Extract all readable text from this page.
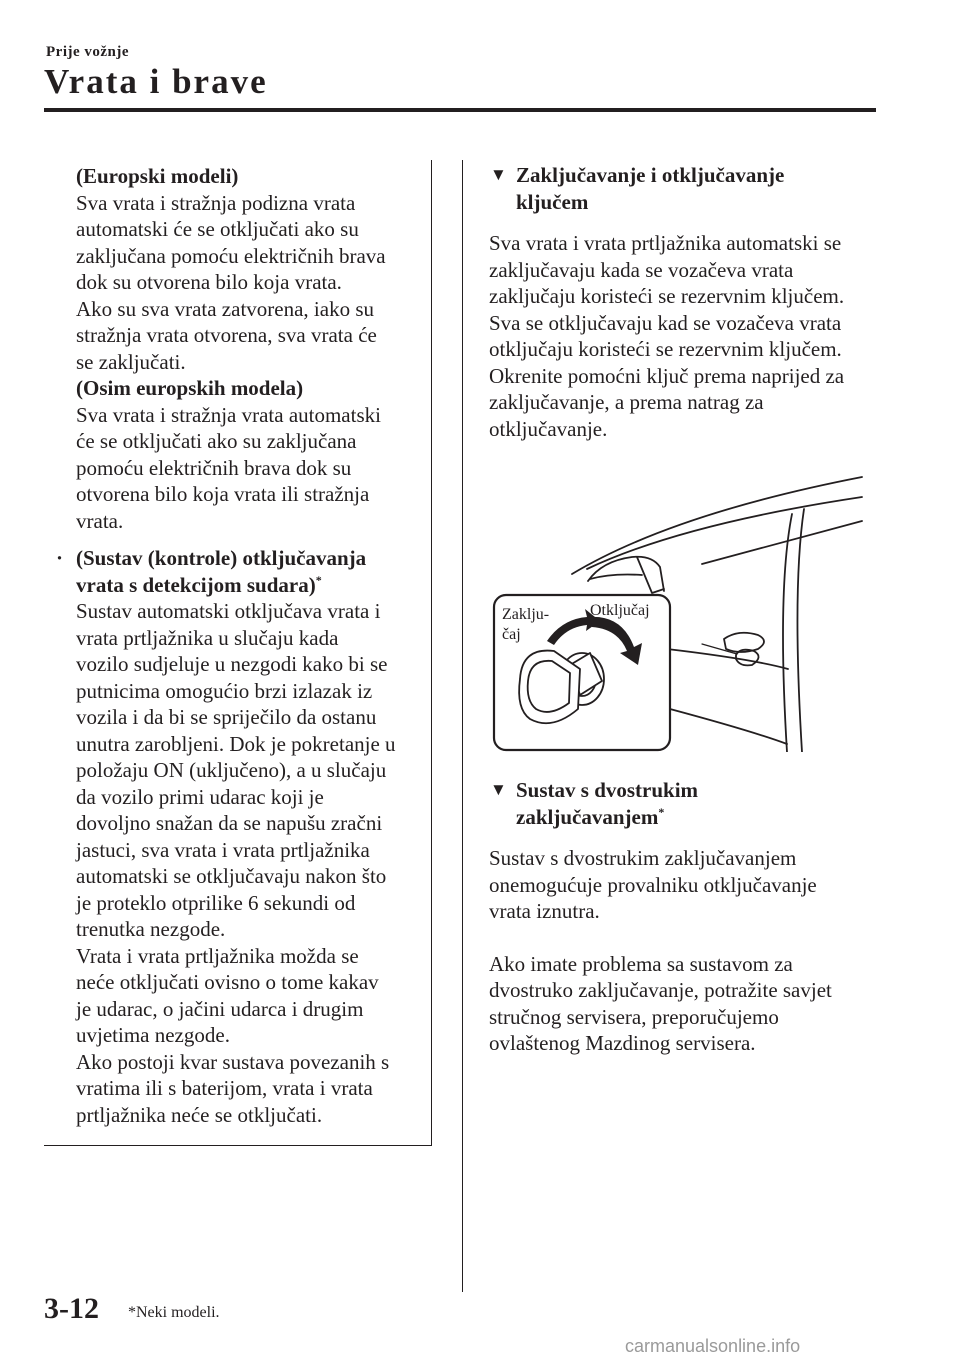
Prije vožnje
Vrata i brave

(Europski modeli)

Sva vrata i stražnja podizna vrata

automatski će se otključati ako su

zaključana pomoću električnih brava

dok su otvorena bilo koja vrata.

Ako su sva vrata zatvorena, iako su

stražnja vrata otvorena, sva vrata će

se zaključati.

(Osim europskih modela)

Sva vrata i stražnja vrata automatski

će se otključati ako su zaključana

pomoću električnih brava dok su

otvorena bilo koja vrata ili stražnja

vrata.

· (Sustav (kontrole) otključavanja

vrata s detekcijom sudara)*

Sustav automatski otključava vrata i

vrata prtljažnika u slučaju kada

vozilo sudjeluje u nezgodi kako bi se

putnicima omogućio brzi izlazak iz

vozila i da bi se spriječilo da ostanu

unutra zarobljeni. Dok je pokretanje u

položaju ON (uključeno), a u slučaju

da vozilo primi udarac koji je

dovoljno snažan da se napušu zračni

jastuci, sva vrata i vrata prtljažnika

automatski se otključavaju nakon što

je proteklo otprilike 6 sekundi od

trenutka nezgode.

Vrata i vrata prtljažnika možda se

neće otključati ovisno o tome kakav

je udarac, o jačini udarca i drugim

uvjetima nezgode.

Ako postoji kvar sustava povezanih s

vratima ili s baterijom, vrata i vrata

prtljažnika neće se otključati.

▼ Zaključavanje i otključavanje

ključem

Sva vrata i vrata prtljažnika automatski se

zaključavaju kada se vozačeva vrata

zaključaju koristeći se rezervnim ključem.

Sva se otključavaju kad se vozačeva vrata

otključaju koristeći se rezervnim ključem.

Okrenite pomoćni ključ prema naprijed za

zaključavanje, a prema natrag za

otključavanje.

Zaklju-
čaj
Otključaj
▼ Sustav s dvostrukim

zaključavanjem*

Sustav s dvostrukim zaključavanjem

onemogućuje provalniku otključavanje

vrata iznutra.

Ako imate problema sa sustavom za

dvostruko zaključavanje, potražite savjet

stručnog servisera, preporučujemo

ovlaštenog Mazdinog servisera.

3-12 *Neki modeli.
carmanualsonline.info
